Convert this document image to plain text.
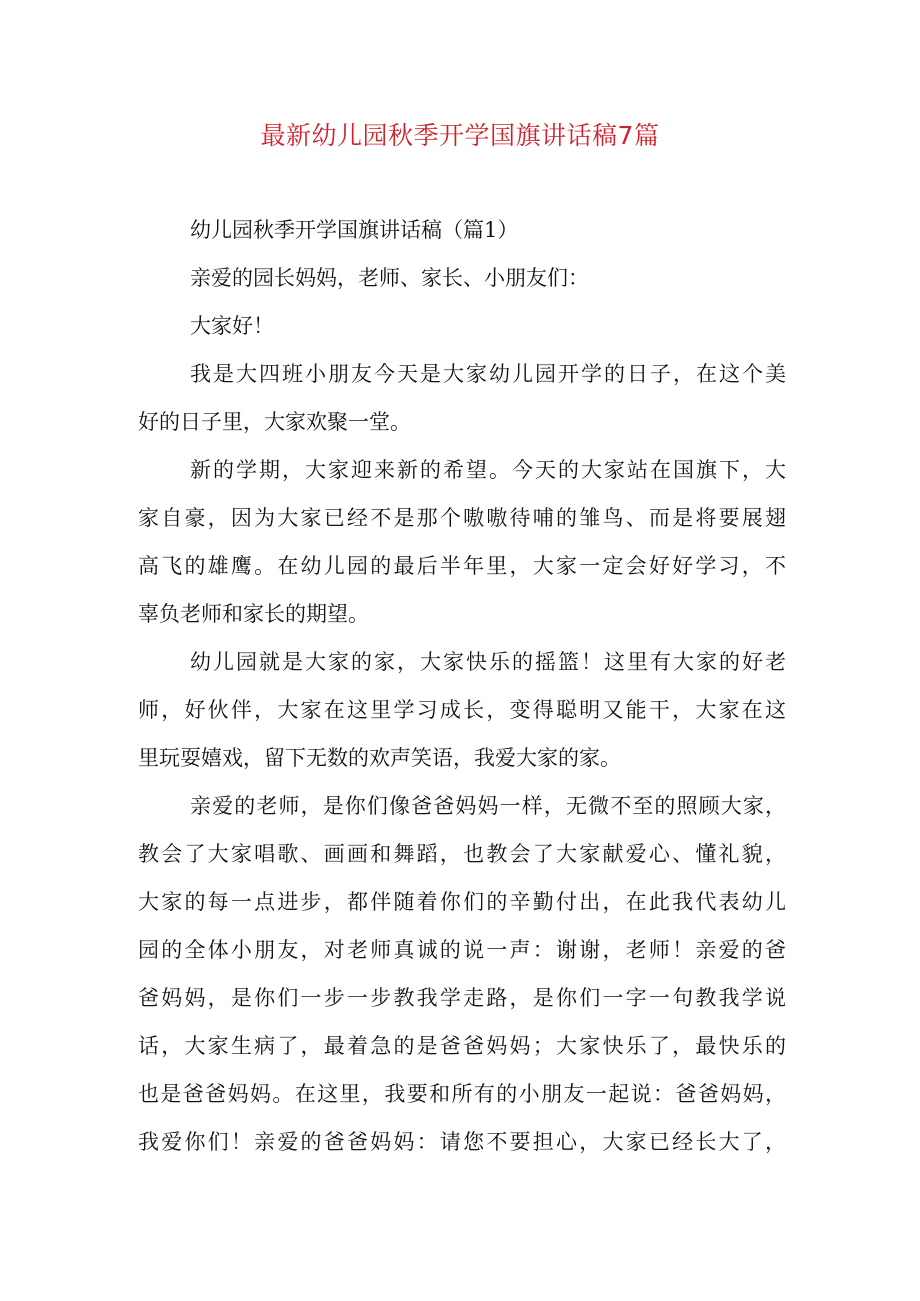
最新幼儿园秋季开学国旗讲话稿7篇
幼儿园秋季开学国旗讲话稿（篇1）
亲爱的园长妈妈，老师、家长、小朋友们：
大家好！
我是大四班小朋友今天是大家幼儿园开学的日子，在这个美
好的日子里，大家欢聚一堂。
新的学期，大家迎来新的希望。今天的大家站在国旗下，大
家自豪，因为大家已经不是那个嗷嗷待哺的雏鸟、而是将要展翅
高飞的雄鹰。在幼儿园的最后半年里，大家一定会好好学习，不
辜负老师和家长的期望。
幼儿园就是大家的家，大家快乐的摇篮！这里有大家的好老
师，好伙伴，大家在这里学习成长，变得聪明又能干，大家在这
里玩耍嬉戏，留下无数的欢声笑语，我爱大家的家。
亲爱的老师，是你们像爸爸妈妈一样，无微不至的照顾大家，
教会了大家唱歌、画画和舞蹈，也教会了大家献爱心、懂礼貌，
大家的每一点进步，都伴随着你们的辛勤付出，在此我代表幼儿
园的全体小朋友，对老师真诚的说一声：谢谢，老师！亲爱的爸
爸妈妈，是你们一步一步教我学走路，是你们一字一句教我学说
话，大家生病了，最着急的是爸爸妈妈；大家快乐了，最快乐的
也是爸爸妈妈。在这里，我要和所有的小朋友一起说：爸爸妈妈，
我爱你们！亲爱的爸爸妈妈：请您不要担心，大家已经长大了，
